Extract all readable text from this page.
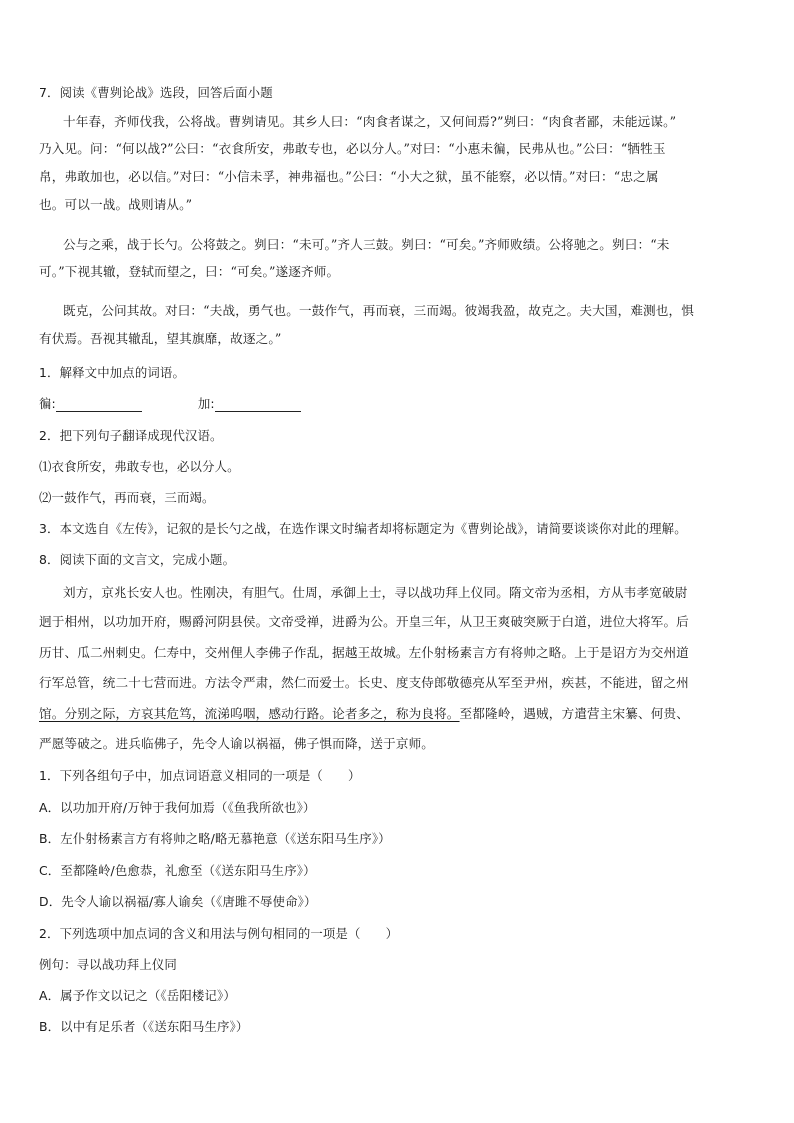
7．阅读《曹刿论战》选段，回答后面小题
十年春，齐师伐我，公将战。曹刿请见。其乡人曰：“肉食者谋之，又何间焉?”刿曰：“肉食者鄙，未能远谋。”
乃入见。问：“何以战?”公曰：“衣食所安，弗敢专也，必以分人。”对曰：“小惠未徧，民弗从也。”公曰：“牺牲玉
帛，弗敢加也，必以信。”对曰：“小信未孚，神弗福也。”公曰：“小大之狱，虽不能察，必以情。”对曰：“忠之属
也。可以一战。战则请从。”
公与之乘，战于长勺。公将鼓之。刿曰：“未可。”齐人三鼓。刿曰：“可矣。”齐师败绩。公将驰之。刿曰：“未
可。”下视其辙，登轼而望之，曰：“可矣。”遂逐齐师。
既克，公问其故。对曰：“夫战，勇气也。一鼓作气，再而衰，三而竭。彼竭我盈，故克之。夫大国，难测也，惧
有伏焉。吾视其辙乱，望其旗靡，故逐之。”
1．解释文中加点的词语。
徧:	加:
2．把下列句子翻译成现代汉语。
⑴衣食所安，弗敢专也，必以分人。
⑵一鼓作气，再而衰，三而竭。
3．本文选自《左传》，记叙的是长勺之战，在选作课文时编者却将标题定为《曹刿论战》，请简要谈谈你对此的理解。
8．阅读下面的文言文，完成小题。
刘方，京兆长安人也。性刚决，有胆气。仕周，承御上士，寻以战功拜上仪同。隋文帝为丞相，方从韦孝宽破尉
迥于相州，以功加开府，赐爵河阴县侯。文帝受禅，进爵为公。开皇三年，从卫王爽破突厥于白道，进位大将军。后
历甘、瓜二州刺史。仁寿中，交州俚人李佛子作乱，据越王故城。左仆射杨素言方有将帅之略。上于是诏方为交州道
行军总管，统二十七营而进。方法令严肃，然仁而爱士。长史、度支侍郎敬德亮从军至尹州，疾甚，不能进，留之州
馆。分别之际，方哀其危笃，流涕呜咽，感动行路。论者多之，称为良将。至都隆岭，遇贼，方遣营主宋纂、何贵、
严愿等破之。进兵临佛子，先令人谕以祸福，佛子惧而降，送于京师。
1．下列各组句子中，加点词语意义相同的一项是（　　）
A．以功加开府/万钟于我何加焉（《鱼我所欲也》）
B．左仆射杨素言方有将帅之略/略无慕艳意（《送东阳马生序》）
C．至都隆岭/色愈恭，礼愈至（《送东阳马生序》）
D．先令人谕以祸福/寡人谕矣（《唐雎不辱使命》）
2．下列选项中加点词的含义和用法与例句相同的一项是（　　）
例句：寻以战功拜上仪同
A．属予作文以记之（《岳阳楼记》）
B．以中有足乐者（《送东阳马生序》）
